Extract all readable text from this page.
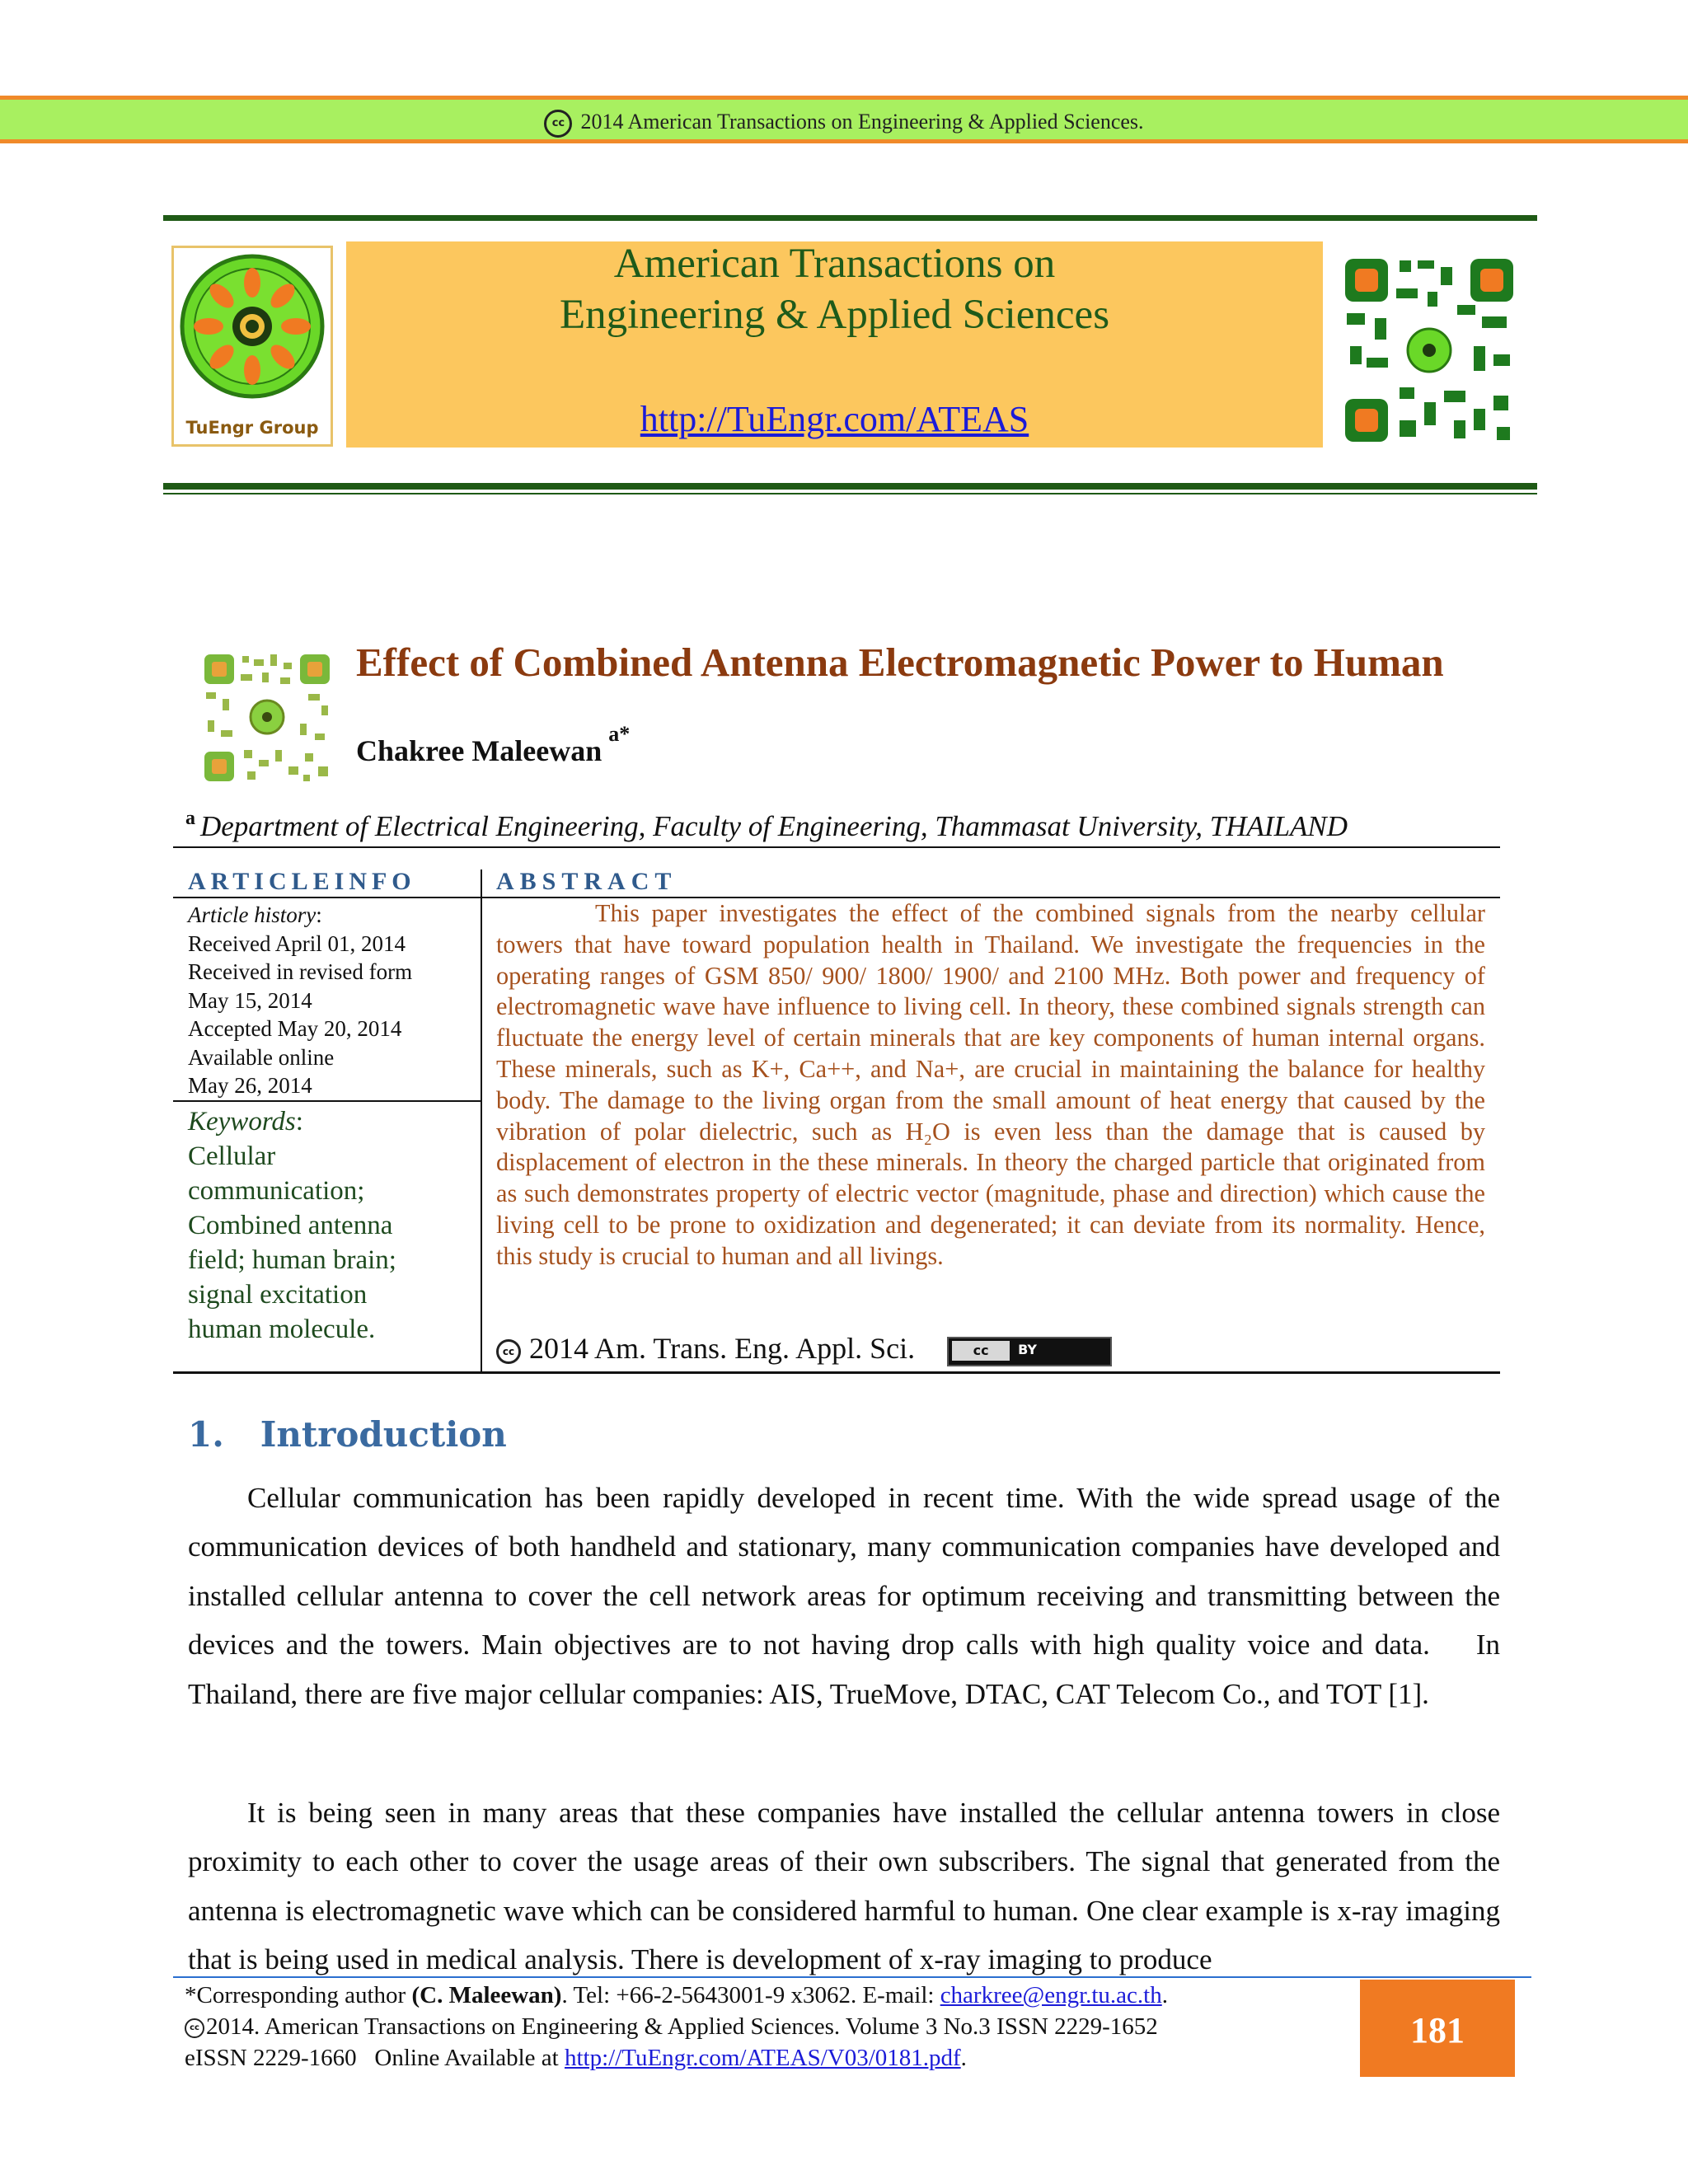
cc 2014 American Transactions on Engineering & Applied Sciences.
TuEngr Group
American Transactions on
Engineering & Applied Sciences
http://TuEngr.com/ATEAS
Effect of Combined Antenna Electromagnetic Power to Human
Chakree Maleewan$^{a*}$
$^a$ Department of Electrical Engineering, Faculty of Engineering, Thammasat University, THAILAND
ARTICLEINFO	ABSTRACT
Article history:
Received April 01, 2014
Received in revised form
May 15, 2014
Accepted May 20, 2014
Available online
May 26, 2014
Keywords:
Cellular
communication;
Combined antenna
field; human brain;
signal excitation
human molecule.
This paper investigates the effect of the combined signals from the nearby cellular towers that have toward population health in Thailand. We investigate the frequencies in the operating ranges of GSM 850/ 900/ 1800/ 1900/ and 2100 MHz. Both power and frequency of electromagnetic wave have influence to living cell. In theory, these combined signals strength can fluctuate the energy level of certain minerals that are key components of human internal organs. These minerals, such as K+, Ca++, and Na+, are crucial in maintaining the balance for healthy body. The damage to the living organ from the small amount of heat energy that caused by the vibration of polar dielectric, such as H₂O is even less than the damage that is caused by displacement of electron in the these minerals. In theory the charged particle that originated from as such demonstrates property of electric vector (magnitude, phase and direction) which cause the living cell to be prone to oxidization and degenerated; it can deviate from its normality. Hence, this study is crucial to human and all livings.
cc 2014 Am. Trans. Eng. Appl. Sci.	cc	BY
1.   Introduction
Cellular communication has been rapidly developed in recent time. With the wide spread usage of the communication devices of both handheld and stationary, many communication companies have developed and installed cellular antenna to cover the cell network areas for optimum receiving and transmitting between the devices and the towers. Main objectives are to not having drop calls with high quality voice and data.    In Thailand, there are five major cellular companies: AIS, TrueMove, DTAC, CAT Telecom Co., and TOT [1].
It is being seen in many areas that these companies have installed the cellular antenna towers in close proximity to each other to cover the usage areas of their own subscribers. The signal that generated from the antenna is electromagnetic wave which can be considered harmful to human. One clear example is x-ray imaging that is being used in medical analysis. There is development of x-ray imaging to produce
*Corresponding author (C. Maleewan). Tel: +66-2-5643001-9 x3062. E-mail: charkree@engr.tu.ac.th.
cc 2014. American Transactions on Engineering & Applied Sciences. Volume 3 No.3 ISSN 2229-1652
eISSN 2229-1660   Online Available at http://TuEngr.com/ATEAS/V03/0181.pdf.
181
